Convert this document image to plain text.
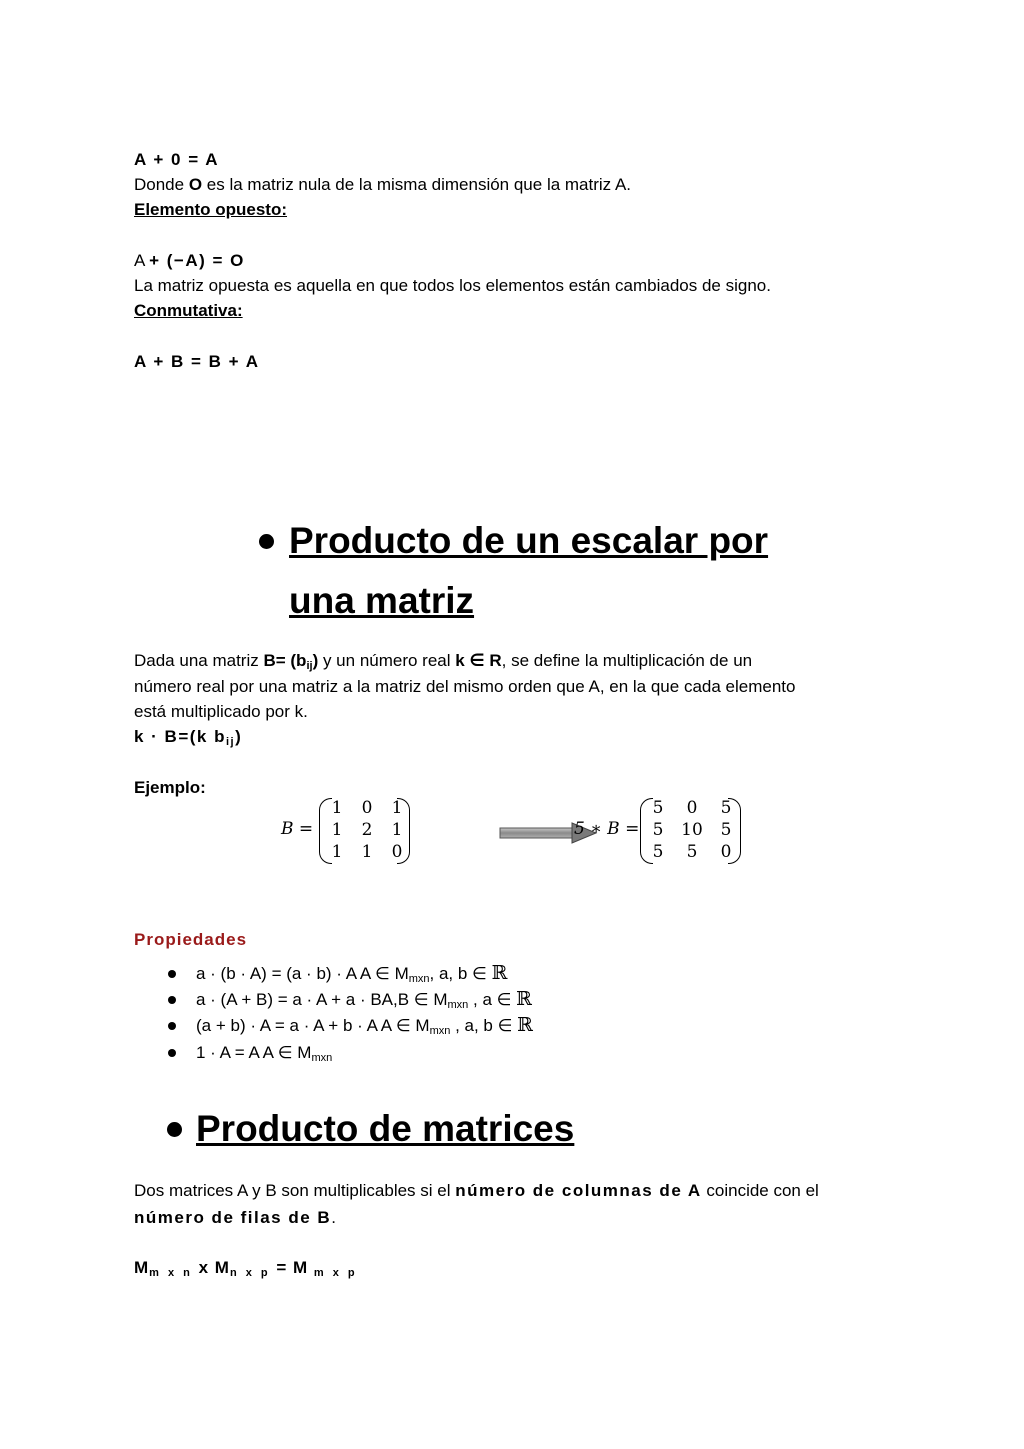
A + 0 = A
Donde O es la matriz nula de la misma dimensión que la matriz A.
Elemento opuesto:
A + (−A) = O
La matriz opuesta es aquella en que todos los elementos están cambiados de signo.
Conmutativa:
A + B = B + A
Producto de un escalar por
una matriz
Dada una matriz $B= (b_{ij})$ y un número real k ∈ R, se define la multiplicación de un
número real por una matriz a la matriz del mismo orden que A, en la que cada elemento
está multiplicado por k.
k · B=(k $b_{ij}$)
Ejemplo:
B =
1	0	1
1	2	1
1	1	0
5 ∗ B =
5	0	5
5	10	5
5	5	0
Propiedades
a · (b · A) = (a · b) · A A ∈ $M_{mxn}$, a, b ∈ ℝ
a · (A + B) = a · A + a · BA,B ∈ $M_{mxn}$ , a ∈ ℝ
(a + b) · A = a · A + b · A A ∈ $M_{mxn}$ , a, b ∈ ℝ
1 · A = A A ∈ $M_{mxn}$
Producto de matrices
Dos matrices A y B son multiplicables si el número de columnas de A coincide con el
número de filas de B.
$M_{m x n}$ x $M_{n x p} = M$ $_{m x p}$
